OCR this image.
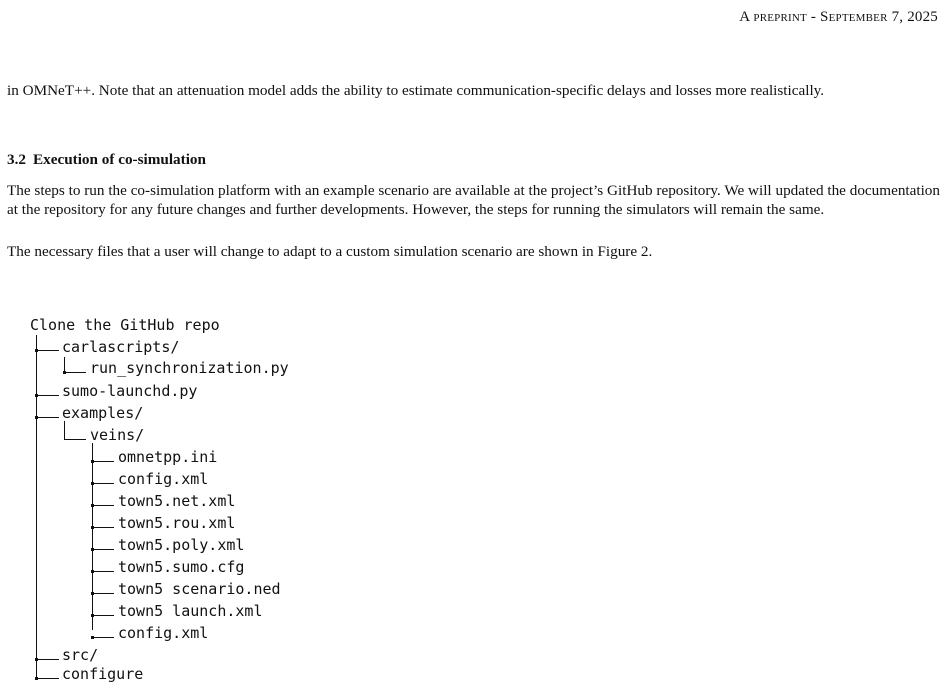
A preprint - September 7, 2025

in OMNeT++. Note that an attenuation model adds the ability to estimate communication-specific delays and losses more realistically.

3.2 Execution of co-simulation

The steps to run the co-simulation platform with an example scenario are available at the project’s GitHub repository. We will updated the documentation at the repository for any future changes and further developments. However, the steps for running the simulators will remain the same.

The necessary files that a user will change to adapt to a custom simulation scenario are shown in Figure 2.

Clone the GitHub repo
carlascripts/
run_synchronization.py
sumo-launchd.py
examples/
veins/
omnetpp.ini
config.xml
town5.net.xml
town5.rou.xml
town5.poly.xml
town5.sumo.cfg
town5 scenario.ned
town5 launch.xml
config.xml
src/
configure
